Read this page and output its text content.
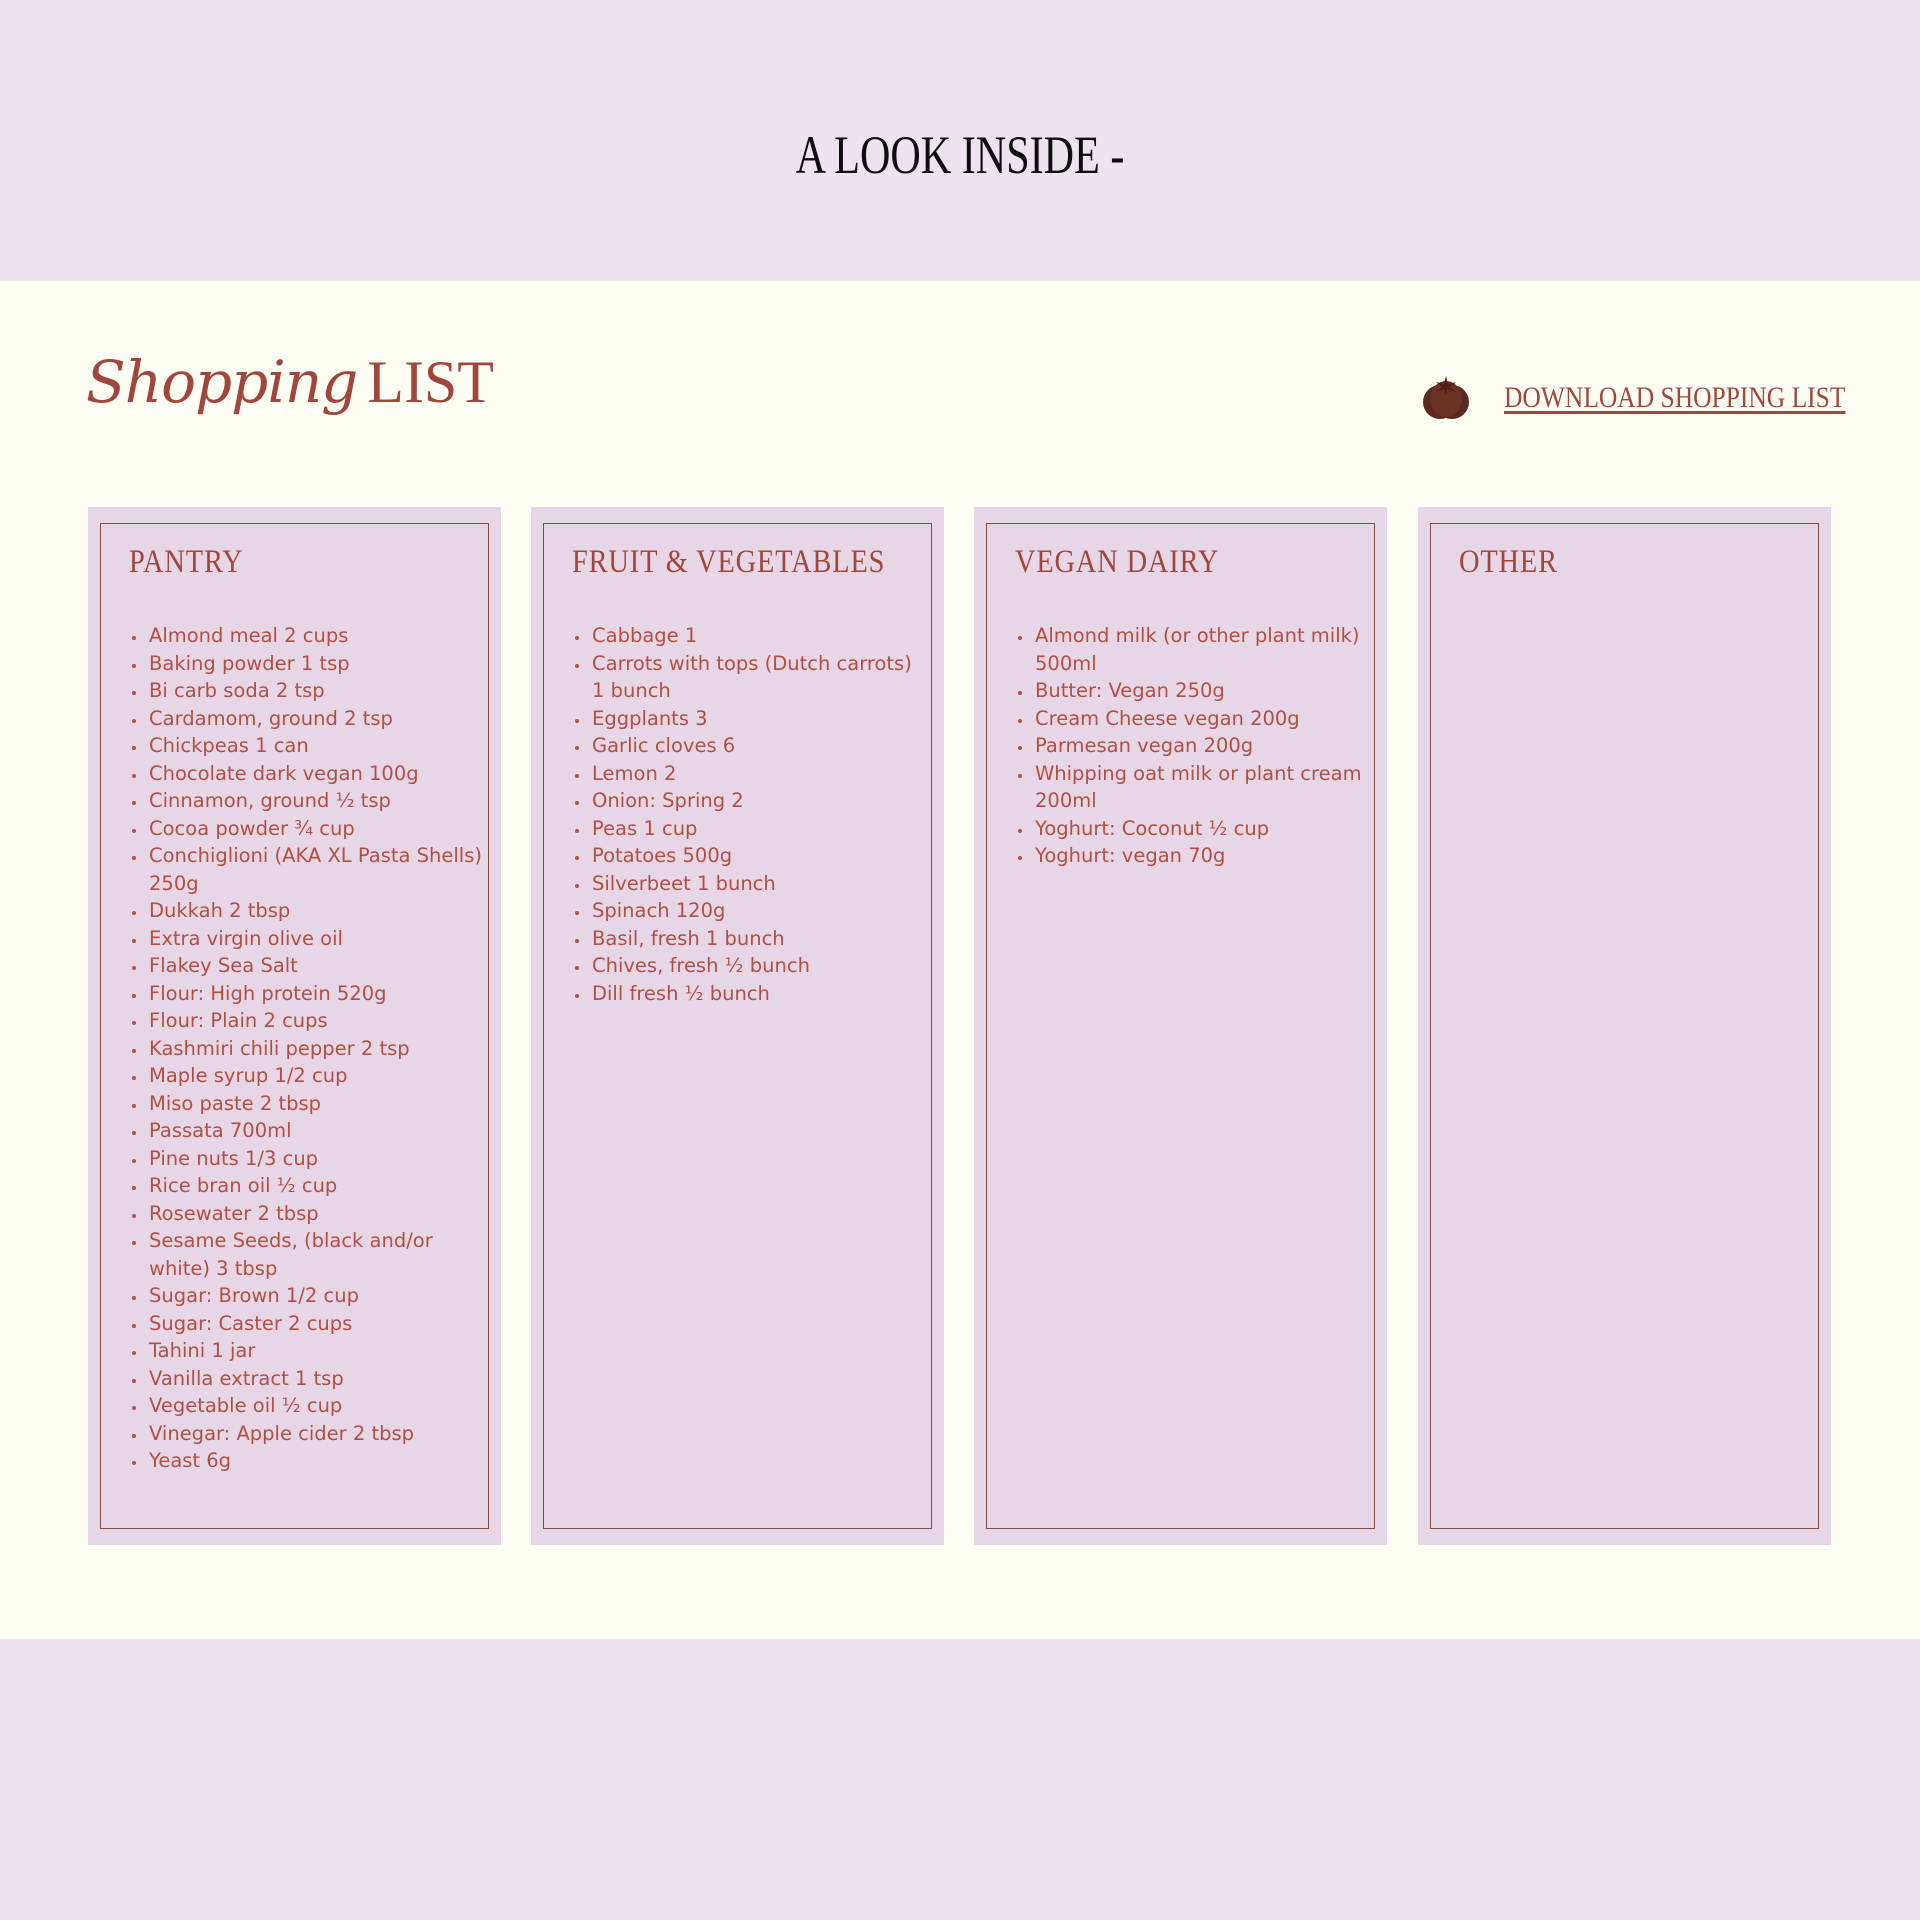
A LOOK INSIDE -
Shopping LIST	DOWNLOAD SHOPPING LIST
PANTRY
• Almond meal 2 cups
• Baking powder 1 tsp
• Bi carb soda 2 tsp
• Cardamom, ground 2 tsp
• Chickpeas 1 can
• Chocolate dark vegan 100g
• Cinnamon, ground ½ tsp
• Cocoa powder ¾ cup
• Conchiglioni (AKA XL Pasta Shells) 250g
• Dukkah 2 tbsp
• Extra virgin olive oil
• Flakey Sea Salt
• Flour: High protein 520g
• Flour: Plain 2 cups
• Kashmiri chili pepper 2 tsp
• Maple syrup 1/2 cup
• Miso paste 2 tbsp
• Passata 700ml
• Pine nuts 1/3 cup
• Rice bran oil ½ cup
• Rosewater 2 tbsp
• Sesame Seeds, (black and/or white) 3 tbsp
• Sugar: Brown 1/2 cup
• Sugar: Caster 2 cups
• Tahini 1 jar
• Vanilla extract 1 tsp
• Vegetable oil ½ cup
• Vinegar: Apple cider 2 tbsp
• Yeast 6g
FRUIT & VEGETABLES
• Cabbage 1
• Carrots with tops (Dutch carrots) 1 bunch
• Eggplants 3
• Garlic cloves 6
• Lemon 2
• Onion: Spring 2
• Peas 1 cup
• Potatoes 500g
• Silverbeet 1 bunch
• Spinach 120g
• Basil, fresh 1 bunch
• Chives, fresh ½ bunch
• Dill fresh ½ bunch
VEGAN DAIRY
• Almond milk (or other plant milk) 500ml
• Butter: Vegan 250g
• Cream Cheese vegan 200g
• Parmesan vegan 200g
• Whipping oat milk or plant cream 200ml
• Yoghurt: Coconut ½ cup
• Yoghurt: vegan 70g
OTHER
